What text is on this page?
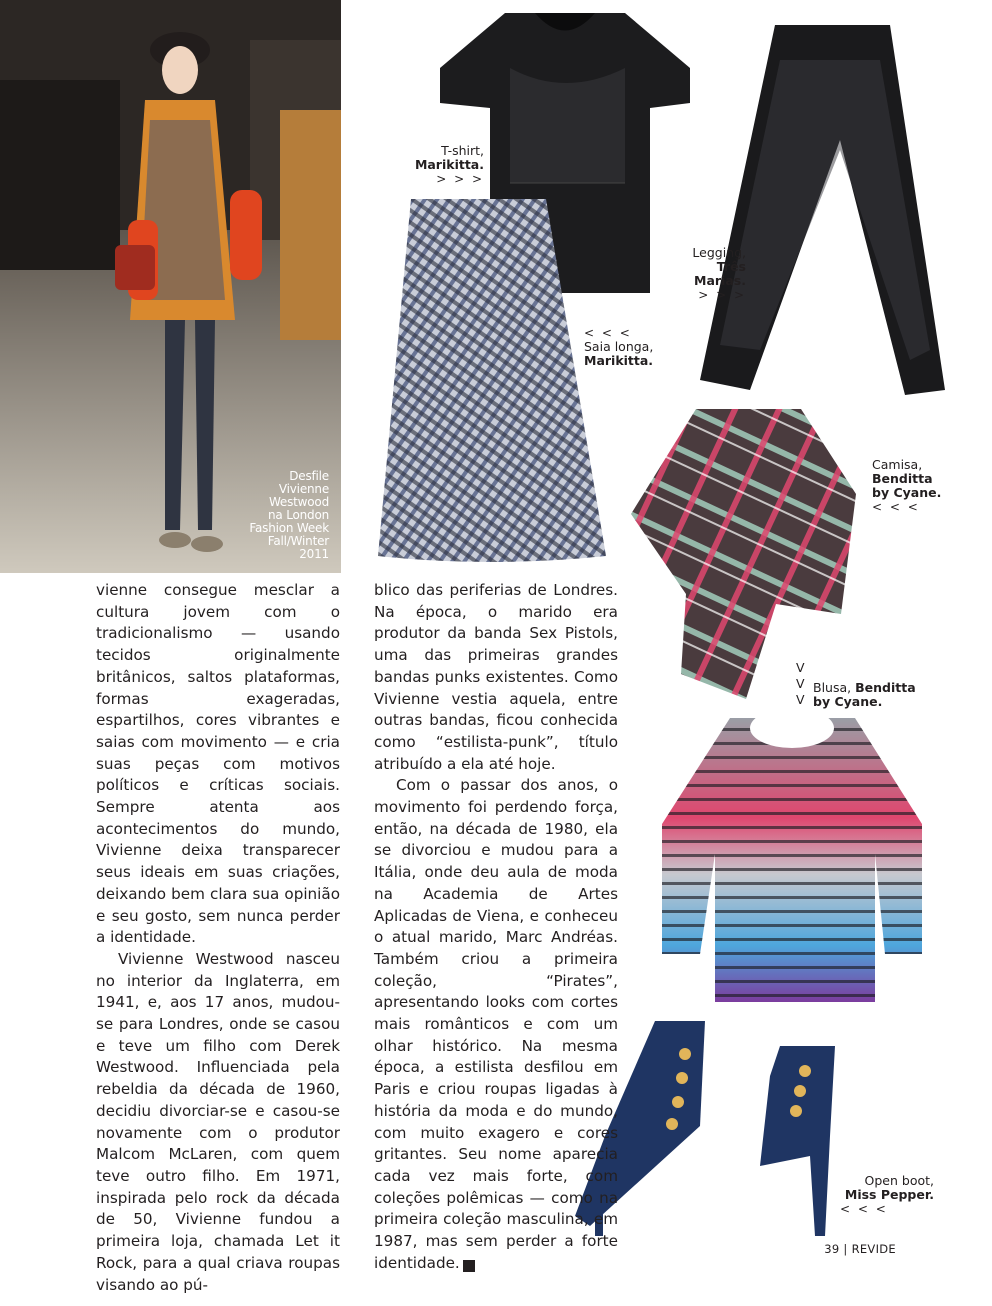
Desfile
Vivienne
Westwood
na London
Fashion Week
Fall/Winter
2011
T-shirt,
Marikitta.
> > >
< < <
Saia longa,
Marikitta.
Legging,
Três
Marias.
> > >
Camisa,
Benditta
by Cyane.
< < <
V
V
V
Blusa, Benditta
by Cyane.
Open boot,
Miss Pepper.
< < <

vienne consegue mesclar a cultura jovem com o tradicionalismo — usando tecidos originalmente britânicos, saltos plataformas, formas exageradas, espartilhos, cores vibrantes e saias com movimento — e cria suas peças com motivos políticos e críticas sociais. Sempre atenta aos acontecimentos do mundo, Vivienne deixa transparecer seus ideais em suas criações, deixando bem clara sua opinião e seu gosto, sem nunca perder a identidade.

Vivienne Westwood nasceu no interior da Inglaterra, em 1941, e, aos 17 anos, mudou-se para Londres, onde se casou e teve um filho com Derek Westwood. Influenciada pela rebeldia da década de 1960, decidiu divorciar-se e casou-se novamente com o produtor Malcom McLaren, com quem teve outro filho. Em 1971, inspirada pelo rock da década de 50, Vivienne fundou a primeira loja, chamada Let it Rock, para a qual criava roupas visando ao pú-

blico das periferias de Londres. Na época, o marido era produtor da banda Sex Pistols, uma das primeiras grandes bandas punks existentes. Como Vivienne vestia aquela, entre outras bandas, ficou conhecida como “estilista-punk”, título atribuído a ela até hoje.

Com o passar dos anos, o movimento foi perdendo força, então, na década de 1980, ela se divorciou e mudou para a Itália, onde deu aula de moda na Academia de Artes Aplicadas de Viena, e conheceu o atual marido, Marc Andréas. Também criou a primeira coleção, “Pirates”, apresentando looks com cortes mais românticos e com um olhar histórico. Na mesma época, a estilista desfilou em Paris e criou roupas ligadas à história da moda e do mundo, com muito exagero e cores gritantes. Seu nome aparecia cada vez mais forte, com coleções polêmicas — como na primeira coleção masculina, em 1987, mas sem perder a forte identidade. r

39 | REVIDE
